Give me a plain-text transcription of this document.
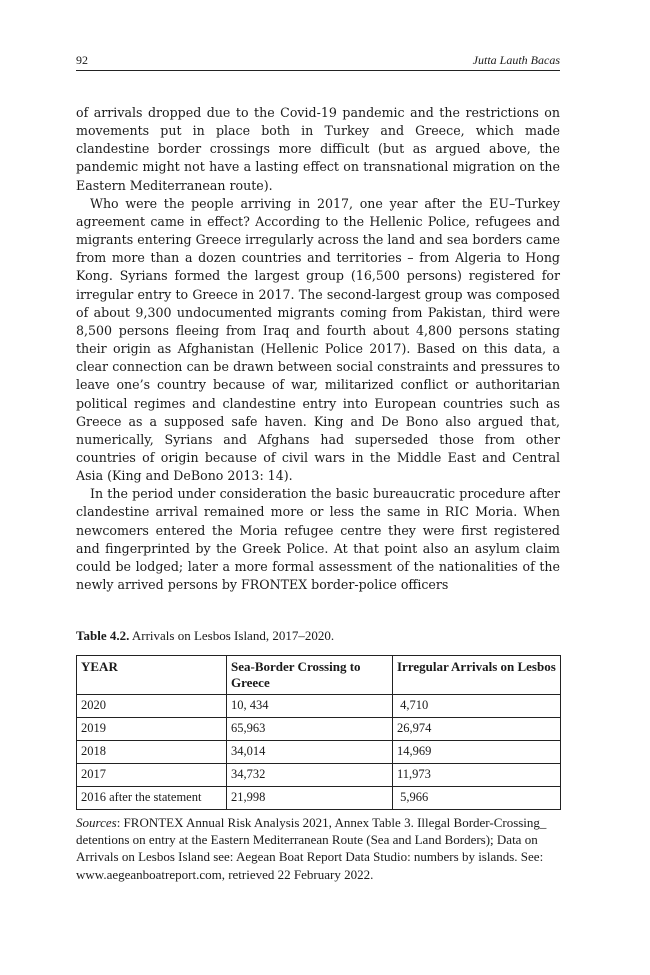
92	Jutta Lauth Bacas

of arrivals dropped due to the Covid-19 pandemic and the restrictions on movements put in place both in Turkey and Greece, which made clandestine border crossings more difficult (but as argued above, the pandemic might not have a lasting effect on transnational migration on the Eastern Mediterranean route).

Who were the people arriving in 2017, one year after the EU–Turkey agreement came in effect? According to the Hellenic Police, refugees and migrants entering Greece irregularly across the land and sea borders came from more than a dozen countries and territories – from Algeria to Hong Kong. Syrians formed the largest group (16,500 persons) registered for irregular entry to Greece in 2017. The second-largest group was composed of about 9,300 undocumented migrants coming from Pakistan, third were 8,500 persons fleeing from Iraq and fourth about 4,800 persons stating their origin as Afghanistan (Hellenic Police 2017). Based on this data, a clear connection can be drawn between social constraints and pressures to leave one’s country because of war, militarized conflict or authoritarian political regimes and clandestine entry into European countries such as Greece as a supposed safe haven. King and De Bono also argued that, numerically, Syrians and Afghans had superseded those from other countries of origin because of civil wars in the Middle East and Central Asia (King and DeBono 2013: 14).

In the period under consideration the basic bureaucratic procedure after clandestine arrival remained more or less the same in RIC Moria. When newcomers entered the Moria refugee centre they were first registered and fingerprinted by the Greek Police. At that point also an asylum claim could be lodged; later a more formal assessment of the nationalities of the newly arrived persons by FRONTEX border-police officers

Table 4.2. Arrivals on Lesbos Island, 2017–2020.
YEAR	Sea-Border Crossing to Greece	Irregular Arrivals on Lesbos
2020	10, 434	4,710
2019	65,963	26,974
2018	34,014	14,969
2017	34,732	11,973
2016 after the statement	21,998	5,966
Sources: FRONTEX Annual Risk Analysis 2021, Annex Table 3. Illegal Border-Crossing_ detentions on entry at the Eastern Mediterranean Route (Sea and Land Borders); Data on Arrivals on Lesbos Island see: Aegean Boat Report Data Studio: numbers by islands. See: www.aegeanboatreport.com, retrieved 22 February 2022.
